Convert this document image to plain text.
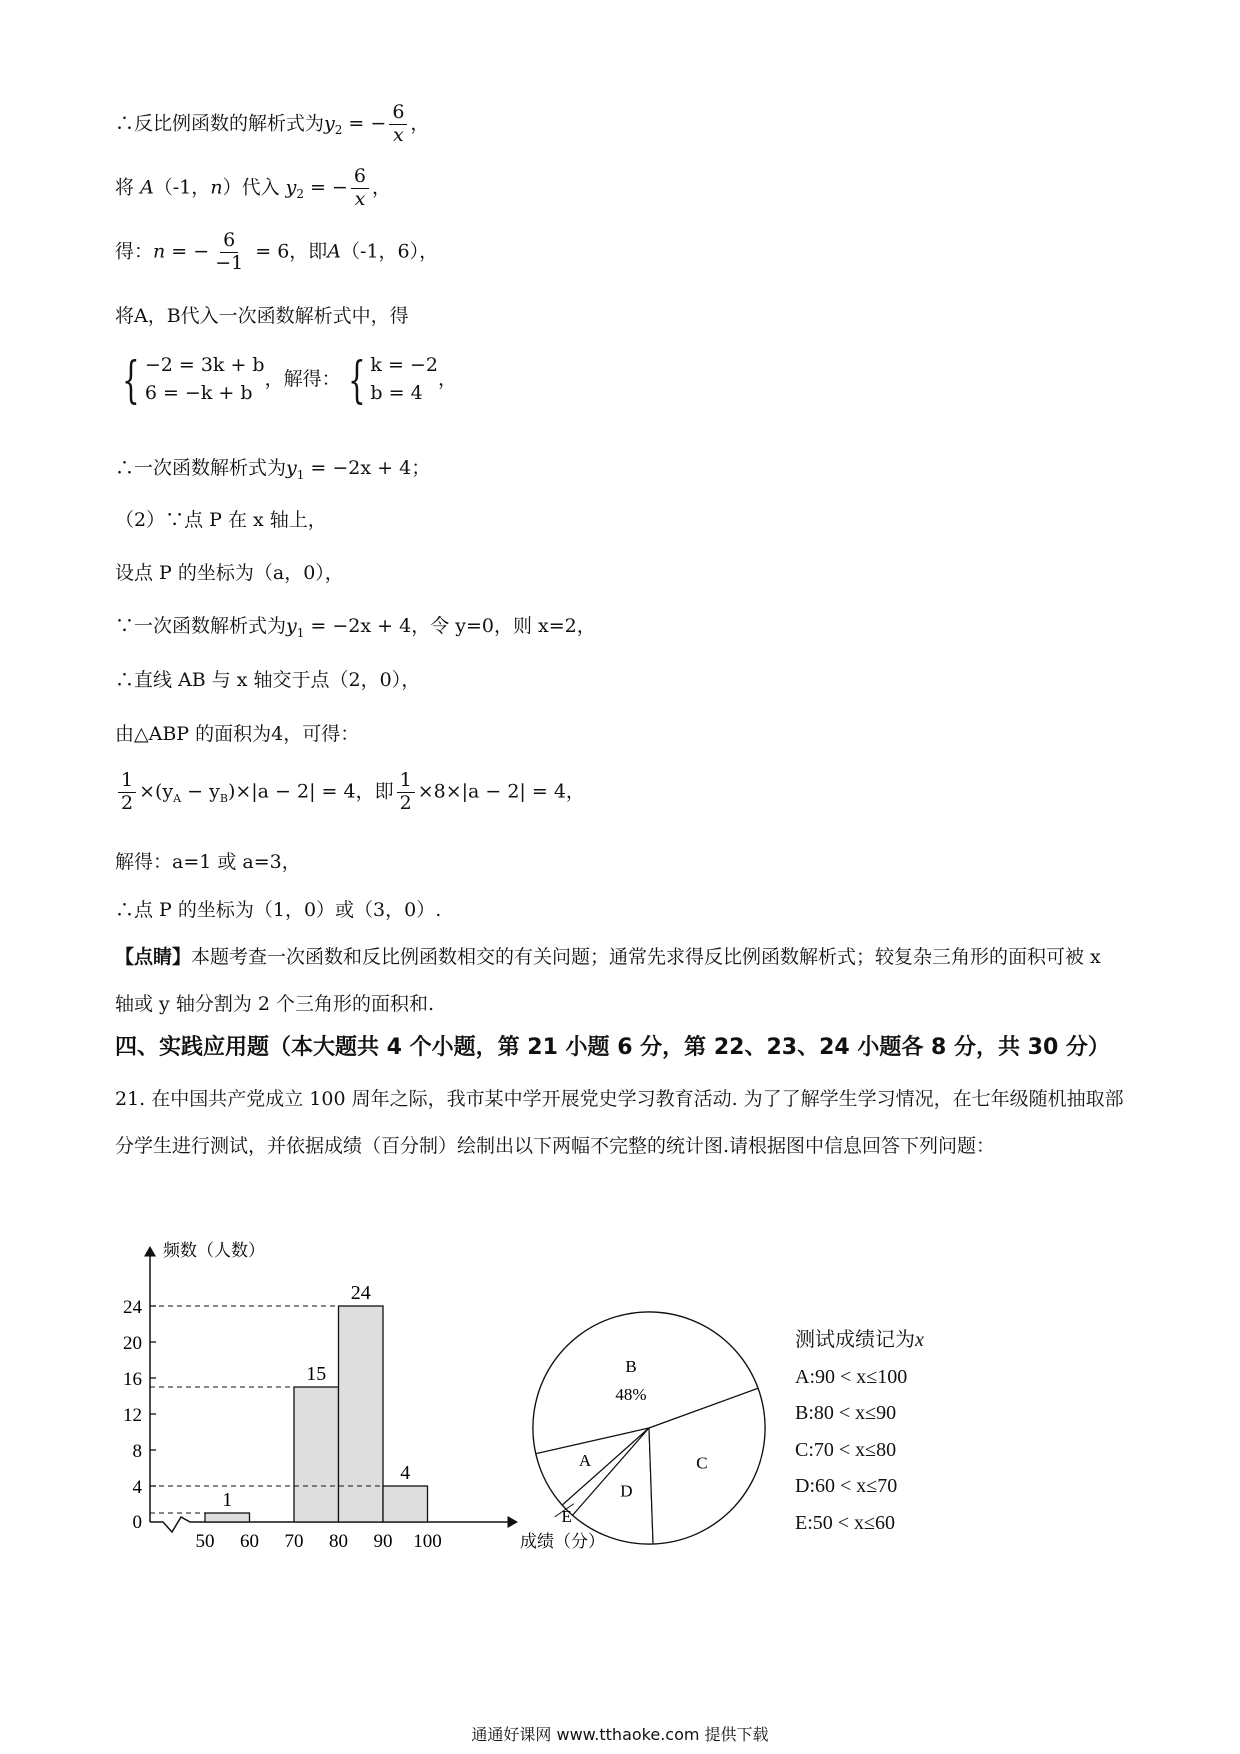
∴反比例函数的解析式为$y_2$ = − $\frac{6}{x}$ ，
将 A（-1，n）代入 $y_2$ = − $\frac{6}{x}$ ，
得：n = − $\frac{6}{-1} = 6$，即A（-1，6），
将A，B代入一次函数解析式中，得
{ −2 = 3k + b
6 = −k + b
，解得： { k = −2
b = 4
，
∴一次函数解析式为$y_1 = -2x + 4$；
（2）∵点 P 在 x 轴上，
设点 P 的坐标为（a，0），
∵一次函数解析式为$y_1 = -2x + 4$，令 y=0，则 x=2，
∴直线 AB 与 x 轴交于点（2，0），
由△ABP 的面积为4，可得：
$\frac{1}{2} \times(y_A - y_B)\times|a - 2| = 4$，即 $\frac{1}{2} \times 8\times|a - 2| = 4$，
解得：a=1 或 a=3，
∴点 P 的坐标为（1，0）或（3，0）.
【点睛】本题考查一次函数和反比例函数相交的有关问题；通常先求得反比例函数解析式；较复杂三角形的面积可被 x 轴或 y 轴分割为 2 个三角形的面积和.
四、实践应用题（本大题共 4 个小题，第 21 小题 6 分，第 22、23、24 小题各 8 分，共 30 分）
21. 在中国共产党成立 100 周年之际，我市某中学开展党史学习教育活动. 为了了解学生学习情况，在七年级随机抽取部分学生进行测试，并依据成绩（百分制）绘制出以下两幅不完整的统计图.请根据图中信息回答下列问题：
0
4
8
12
16
20
24
50 60 70 80 90 100
频数（人数）
成绩（分）
1
15
24
4
B
48%
A
E
D
C
测试成绩记为x
A:90 < x≤100
B:80 < x≤90
C:70 < x≤80
D:60 < x≤70
E:50 < x≤60
通通好课网 www.tthaoke.com 提供下载
